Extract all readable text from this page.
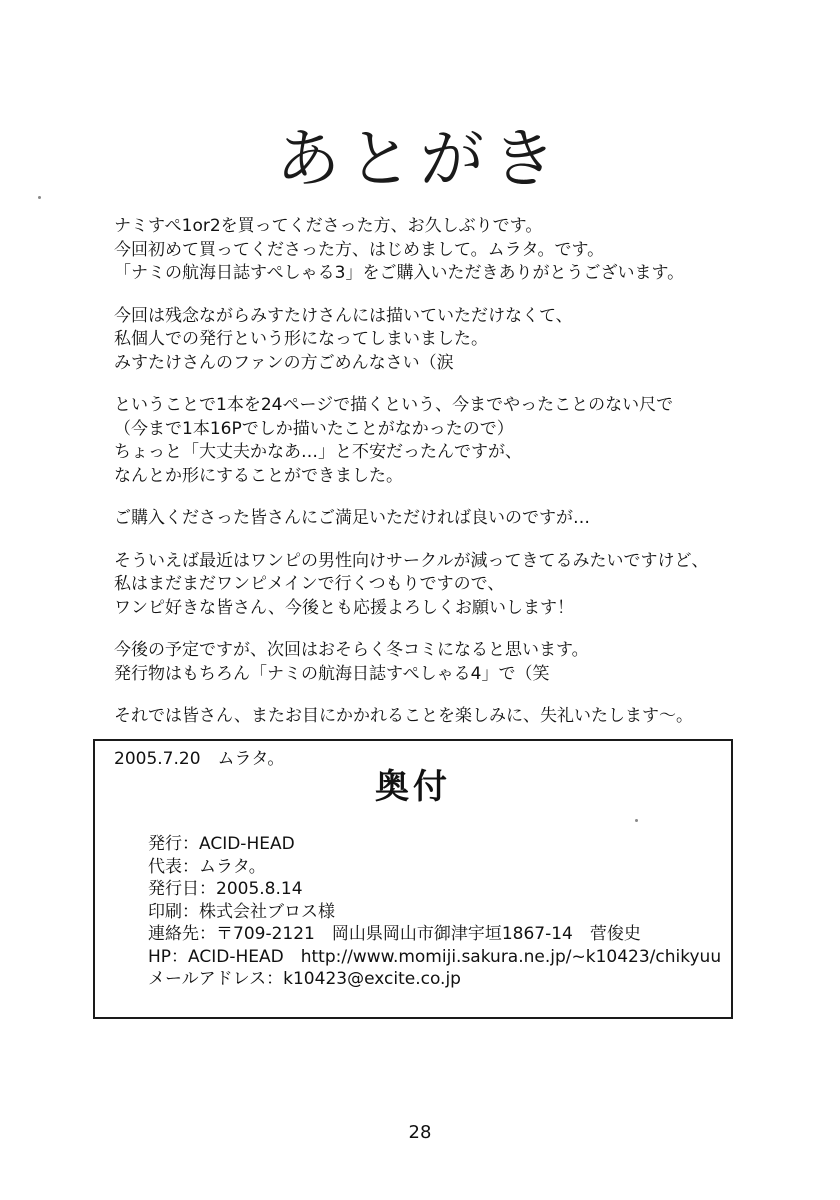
あとがき
ナミすぺ1or2を買ってくださった方、お久しぶりです。
今回初めて買ってくださった方、はじめまして。ムラタ。です。
「ナミの航海日誌すぺしゃる3」をご購入いただきありがとうございます。
今回は残念ながらみすたけさんには描いていただけなくて、
私個人での発行という形になってしまいました。
みすたけさんのファンの方ごめんなさい（涙
ということで1本を24ページで描くという、今までやったことのない尺で
（今まで1本16Pでしか描いたことがなかったので）
ちょっと「大丈夫かなあ…」と不安だったんですが、
なんとか形にすることができました。
ご購入くださった皆さんにご満足いただければ良いのですが…
そういえば最近はワンピの男性向けサークルが減ってきてるみたいですけど、
私はまだまだワンピメインで行くつもりですので、
ワンピ好きな皆さん、今後とも応援よろしくお願いします！
今後の予定ですが、次回はおそらく冬コミになると思います。
発行物はもちろん「ナミの航海日誌すぺしゃる4」で（笑
それでは皆さん、またお目にかかれることを楽しみに、失礼いたします～。
2005.7.20　ムラタ。
奥付
発行：ACID-HEAD
代表：ムラタ。
発行日：2005.8.14
印刷：株式会社ブロス様
連絡先：〒709-2121　岡山県岡山市御津宇垣1867-14　菅俊史
HP：ACID-HEAD　http://www.momiji.sakura.ne.jp/~k10423/chikyuu
メールアドレス：k10423@excite.co.jp
28
